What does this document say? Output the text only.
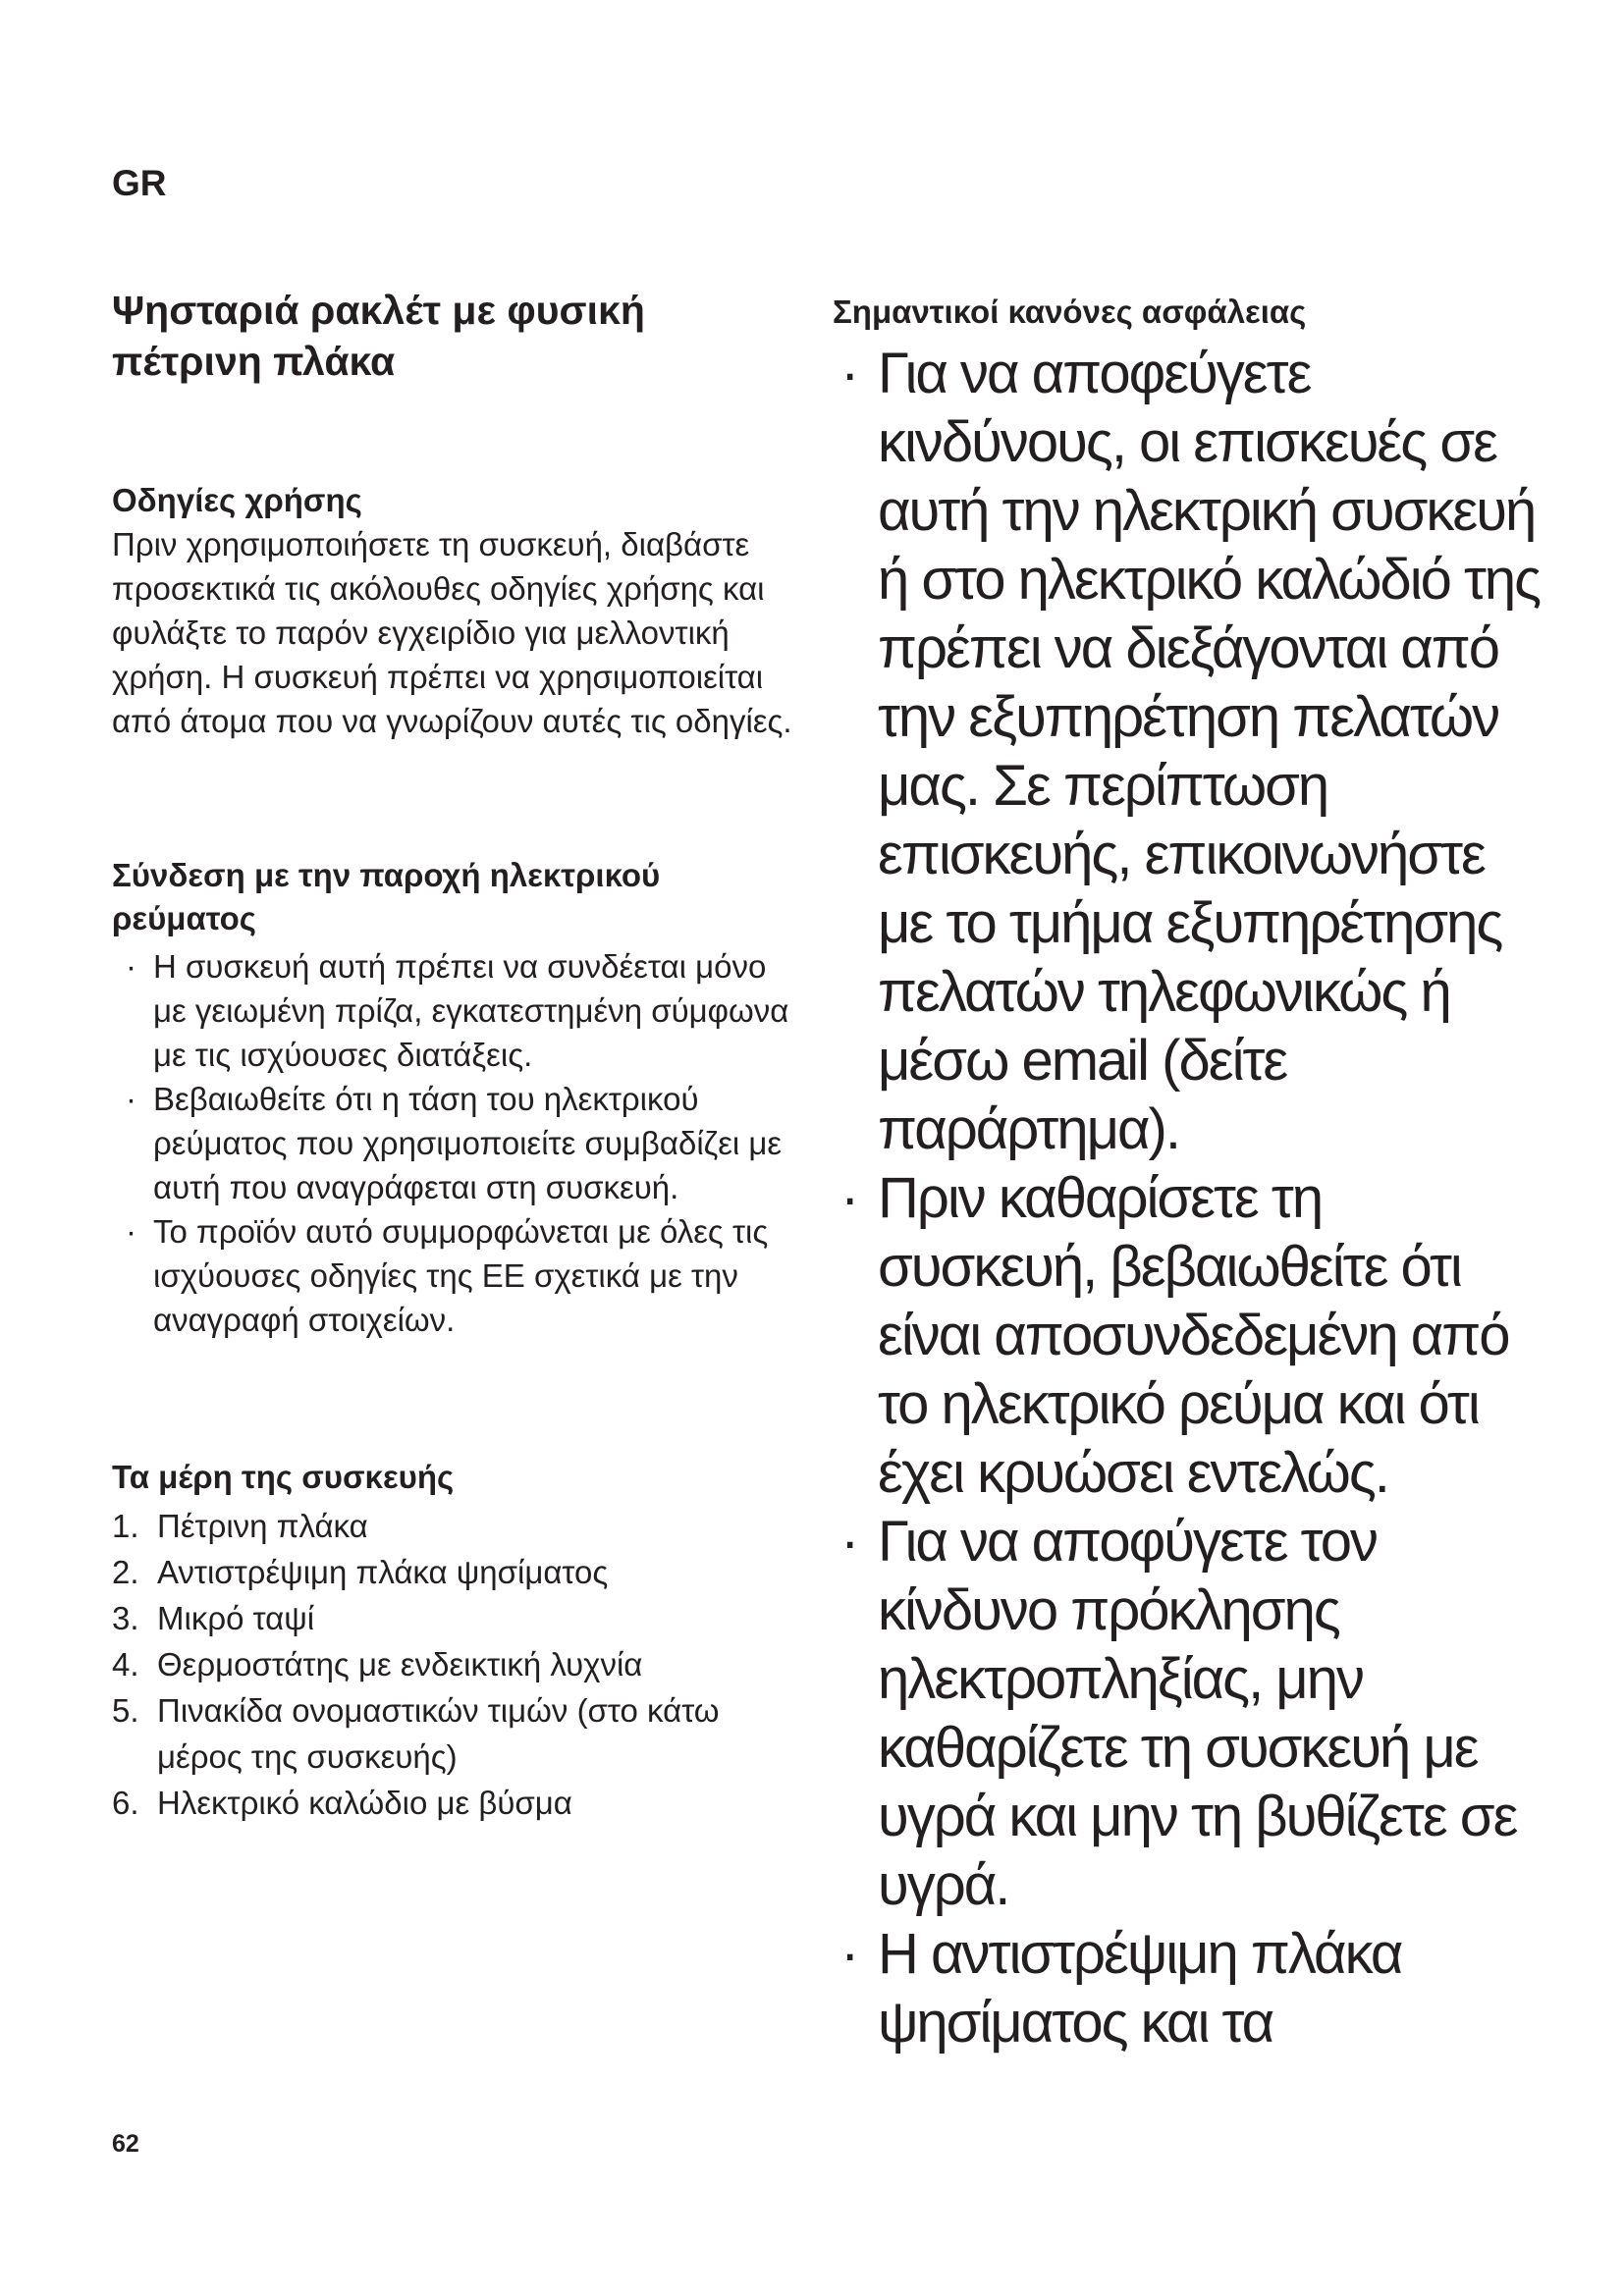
GR
Ψησταριά ρακλέτ με φυσική πέτρινη πλάκα
Οδηγίες χρήσης

Πριν χρησιμοποιήσετε τη συσκευή, διαβάστε προσεκτικά τις ακόλουθες οδηγίες χρήσης και φυλάξτε το παρόν εγχειρίδιο για μελλοντική χρήση. Η συσκευή πρέπει να χρησιμοποιείται από άτομα που να γνωρίζουν αυτές τις οδηγίες.

Σύνδεση με την παροχή ηλεκτρικού ρεύματος
· Η συσκευή αυτή πρέπει να συνδέεται μόνο με γειωμένη πρίζα, εγκατεστημένη σύμφωνα με τις ισχύουσες διατάξεις.
· Βεβαιωθείτε ότι η τάση του ηλεκτρικού ρεύματος που χρησιμοποιείτε συμβαδίζει με αυτή που αναγράφεται στη συσκευή.
· Το προϊόν αυτό συμμορφώνεται με όλες τις ισχύουσες οδηγίες της ΕΕ σχετικά με την αναγραφή στοιχείων.
Τα μέρη της συσκευής
1. Πέτρινη πλάκα
2. Αντιστρέψιμη πλάκα ψησίματος
3. Μικρό ταψί
4. Θερμοστάτης με ενδεικτική λυχνία
5. Πινακίδα ονομαστικών τιμών (στο κάτω μέρος της συσκευής)
6. Ηλεκτρικό καλώδιο με βύσμα
Σημαντικοί κανόνες ασφάλειας
· Για να αποφεύγετε κινδύνους, οι επισκευές σε αυτή την ηλεκτρική συσκευή ή στο ηλεκτρικό καλώδιό της πρέπει να διεξάγονται από την εξυπηρέτηση πελατών μας. Σε περίπτωση επισκευής, επικοινωνήστε με το τμήμα εξυπηρέτησης πελατών τηλεφωνικώς ή μέσω email (δείτε παράρτημα).
· Πριν καθαρίσετε τη συσκευή, βεβαιωθείτε ότι είναι αποσυνδεδεμένη από το ηλεκτρικό ρεύμα και ότι έχει κρυώσει εντελώς.
· Για να αποφύγετε τον κίνδυνο πρόκλησης ηλεκτροπληξίας, μην καθαρίζετε τη συσκευή με υγρά και μην τη βυθίζετε σε υγρά.
· Η αντιστρέψιμη πλάκα ψησίματος και τα
62
